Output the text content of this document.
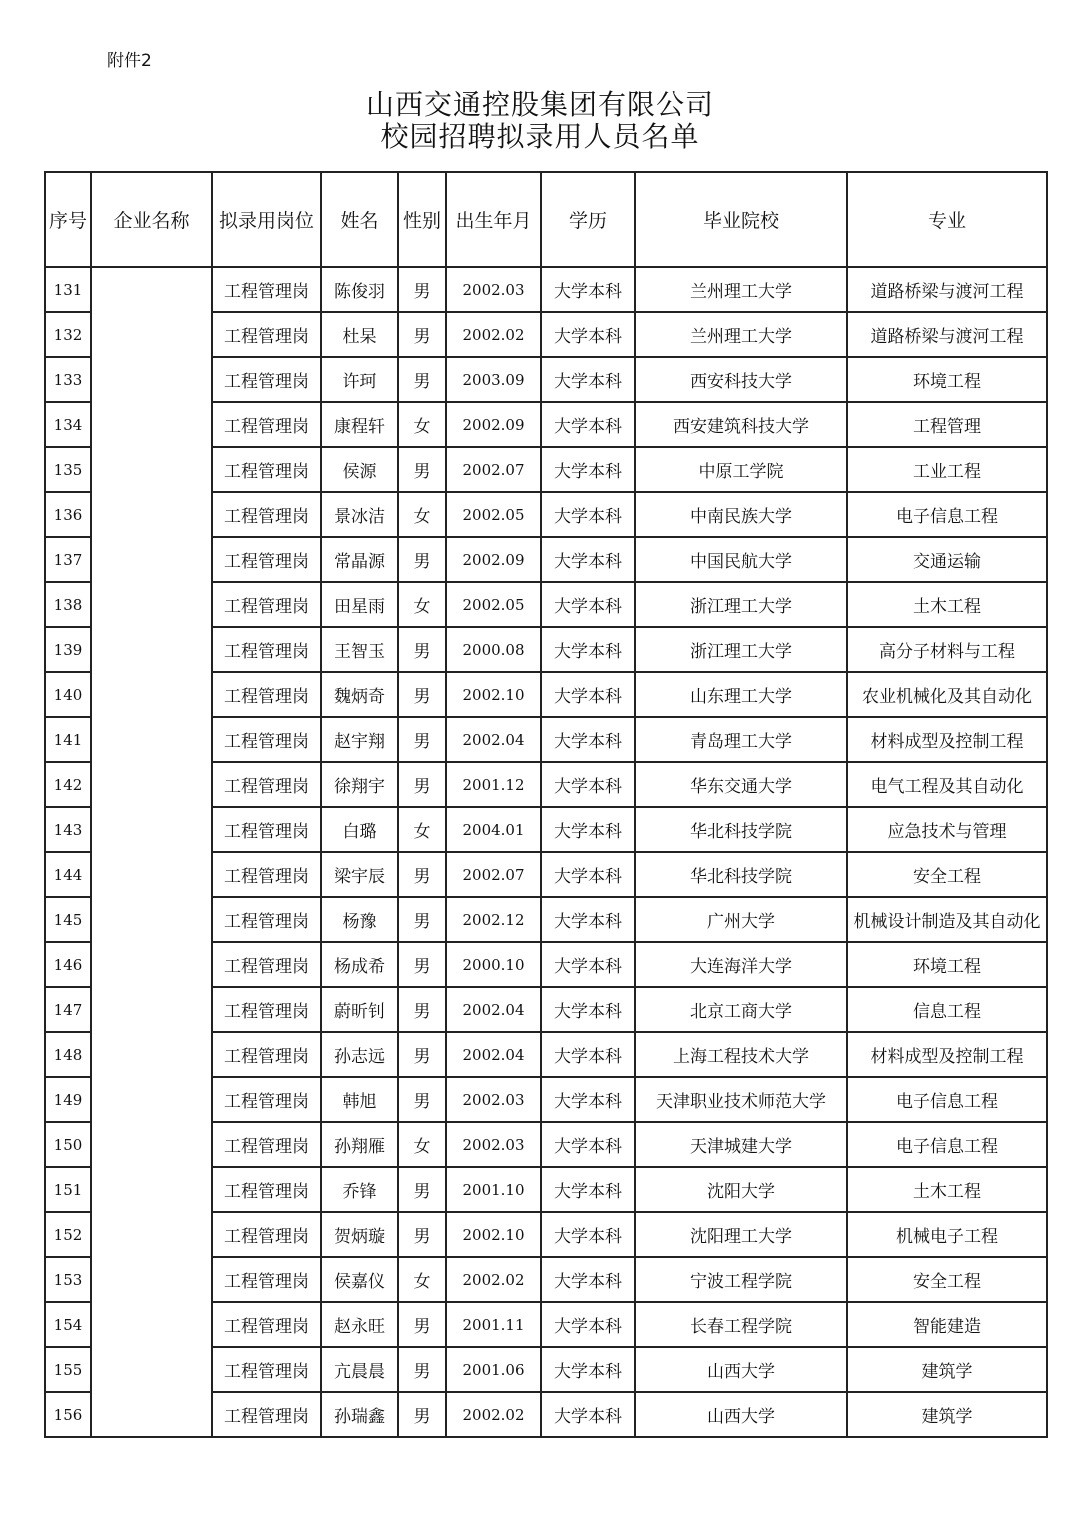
附件2
山西交通控股集团有限公司
校园招聘拟录用人员名单
序号	企业名称	拟录用岗位	姓名	性别	出生年月	学历	毕业院校	专业
131		工程管理岗	陈俊羽	男	2002.03	大学本科	兰州理工大学	道路桥梁与渡河工程
132		工程管理岗	杜杲	男	2002.02	大学本科	兰州理工大学	道路桥梁与渡河工程
133		工程管理岗	许珂	男	2003.09	大学本科	西安科技大学	环境工程
134		工程管理岗	康程轩	女	2002.09	大学本科	西安建筑科技大学	工程管理
135		工程管理岗	侯源	男	2002.07	大学本科	中原工学院	工业工程
136		工程管理岗	景冰洁	女	2002.05	大学本科	中南民族大学	电子信息工程
137		工程管理岗	常晶源	男	2002.09	大学本科	中国民航大学	交通运输
138		工程管理岗	田星雨	女	2002.05	大学本科	浙江理工大学	土木工程
139		工程管理岗	王智玉	男	2000.08	大学本科	浙江理工大学	高分子材料与工程
140		工程管理岗	魏炳奇	男	2002.10	大学本科	山东理工大学	农业机械化及其自动化
141		工程管理岗	赵宇翔	男	2002.04	大学本科	青岛理工大学	材料成型及控制工程
142		工程管理岗	徐翔宇	男	2001.12	大学本科	华东交通大学	电气工程及其自动化
143		工程管理岗	白璐	女	2004.01	大学本科	华北科技学院	应急技术与管理
144		工程管理岗	梁宇辰	男	2002.07	大学本科	华北科技学院	安全工程
145		工程管理岗	杨豫	男	2002.12	大学本科	广州大学	机械设计制造及其自动化
146		工程管理岗	杨成希	男	2000.10	大学本科	大连海洋大学	环境工程
147		工程管理岗	蔚昕钊	男	2002.04	大学本科	北京工商大学	信息工程
148		工程管理岗	孙志远	男	2002.04	大学本科	上海工程技术大学	材料成型及控制工程
149		工程管理岗	韩旭	男	2002.03	大学本科	天津职业技术师范大学	电子信息工程
150		工程管理岗	孙翔雁	女	2002.03	大学本科	天津城建大学	电子信息工程
151		工程管理岗	乔锋	男	2001.10	大学本科	沈阳大学	土木工程
152		工程管理岗	贺炳璇	男	2002.10	大学本科	沈阳理工大学	机械电子工程
153		工程管理岗	侯嘉仪	女	2002.02	大学本科	宁波工程学院	安全工程
154		工程管理岗	赵永旺	男	2001.11	大学本科	长春工程学院	智能建造
155		工程管理岗	亢晨晨	男	2001.06	大学本科	山西大学	建筑学
156		工程管理岗	孙瑞鑫	男	2002.02	大学本科	山西大学	建筑学
